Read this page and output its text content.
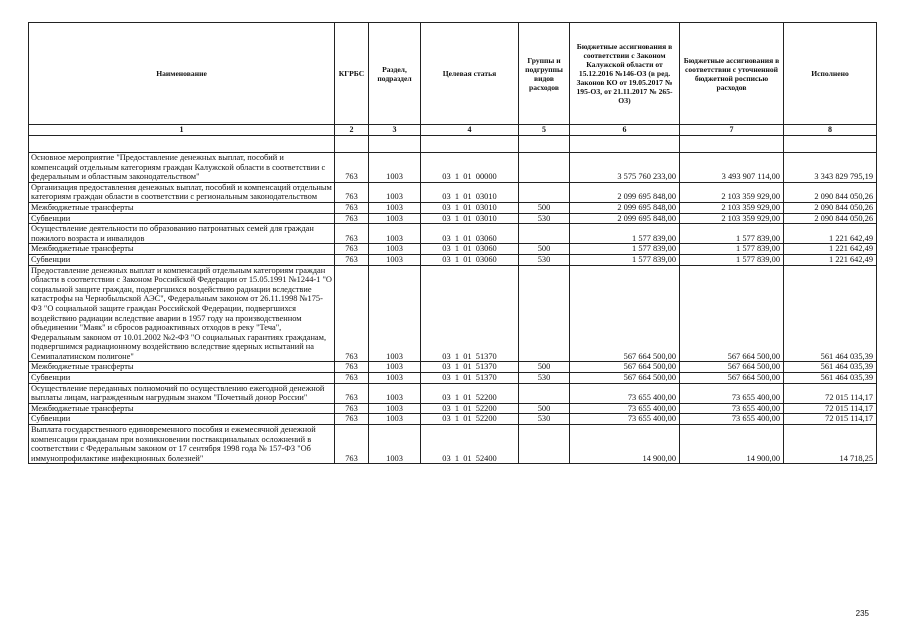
Наименование	КГРБС	Раздел, подраздел	Целевая статья	Группы и подгруппы видов расходов	Бюджетные ассигнования в соответствии с Законом Калужской области от 15.12.2016 №146-ОЗ (в ред. Законов КО от 19.05.2017 № 195-ОЗ, от 21.11.2017 № 265-ОЗ)	Бюджетные ассигнования в соответствии с уточненной бюджетной росписью расходов	Исполнено
1	2	3	4	5	6	7	8

Основное мероприятие "Предоставление денежных выплат, пособий и компенсаций отдельным категориям граждан Калужской области в соответствии с федеральным и областным законодательством"	763	1003	03  1  01  00000		3 575 760 233,00	3 493 907 114,00	3 343 829 795,19
Организация предоставления денежных выплат, пособий и компенсаций отдельным категориям граждан области в соответствии с региональным законодательством	763	1003	03  1  01  03010		2 099 695 848,00	2 103 359 929,00	2 090 844 050,26
Межбюджетные трансферты	763	1003	03  1  01  03010	500	2 099 695 848,00	2 103 359 929,00	2 090 844 050,26
Субвенции	763	1003	03  1  01  03010	530	2 099 695 848,00	2 103 359 929,00	2 090 844 050,26
Осуществление деятельности по образованию патронатных семей для граждан пожилого возраста и инвалидов	763	1003	03  1  01  03060		1 577 839,00	1 577 839,00	1 221 642,49
Межбюджетные трансферты	763	1003	03  1  01  03060	500	1 577 839,00	1 577 839,00	1 221 642,49
Субвенции	763	1003	03  1  01  03060	530	1 577 839,00	1 577 839,00	1 221 642,49
Предоставление денежных выплат и компенсаций отдельным категориям граждан области в соответствии с Законом Российской Федерации от 15.05.1991 №1244-1 "О социальной защите граждан, подвергшихся воздействию радиации вследствие катастрофы на Чернобыльской АЭС", Федеральным законом от 26.11.1998 №175-ФЗ "О социальной защите граждан Российской Федерации, подвергшихся воздействию радиации вследствие аварии в 1957 году на производственном объединении "Маяк" и сбросов радиоактивных отходов в реку "Теча", Федеральным законом от 10.01.2002 №2-ФЗ "О социальных гарантиях гражданам, подвергшимся радиационному воздействию вследствие ядерных испытаний на Семипалатинском полигоне"	763	1003	03  1  01  51370		567 664 500,00	567 664 500,00	561 464 035,39
Межбюджетные трансферты	763	1003	03  1  01  51370	500	567 664 500,00	567 664 500,00	561 464 035,39
Субвенции	763	1003	03  1  01  51370	530	567 664 500,00	567 664 500,00	561 464 035,39
Осуществление переданных полномочий по осуществлению ежегодной денежной выплаты лицам, награжденным нагрудным знаком "Почетный донор России"	763	1003	03  1  01  52200		73 655 400,00	73 655 400,00	72 015 114,17
Межбюджетные трансферты	763	1003	03  1  01  52200	500	73 655 400,00	73 655 400,00	72 015 114,17
Субвенции	763	1003	03  1  01  52200	530	73 655 400,00	73 655 400,00	72 015 114,17
Выплата государственного единовременного пособия и ежемесячной денежной компенсации гражданам при возникновении поствакцинальных осложнений в соответствии с Федеральным законом от 17 сентября 1998 года № 157-ФЗ "Об иммунопрофилактике инфекционных болезней"	763	1003	03  1  01  52400		14 900,00	14 900,00	14 718,25
235
